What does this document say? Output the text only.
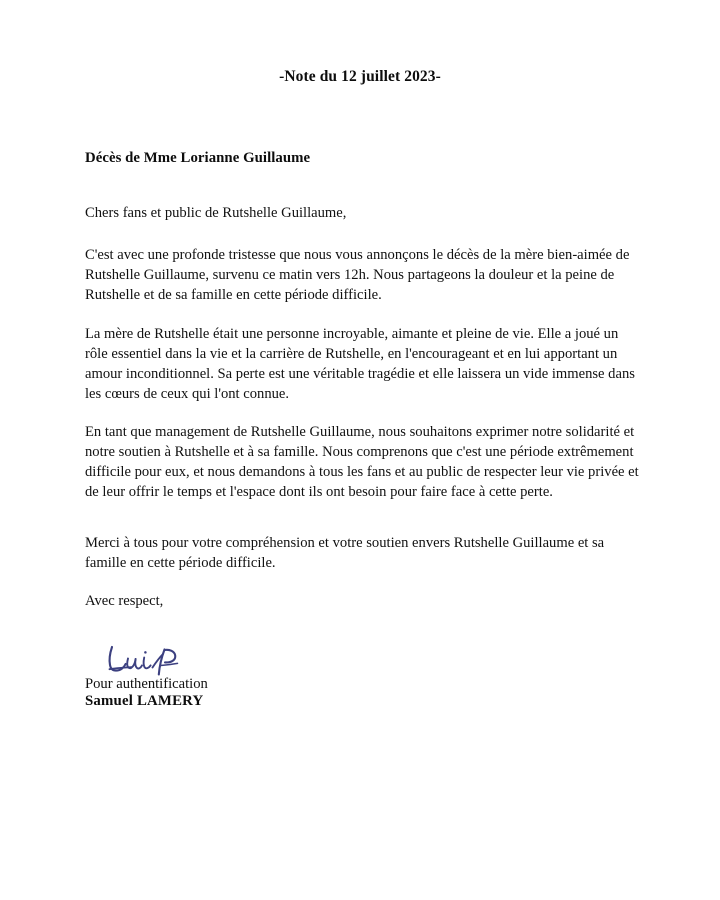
-Note du 12 juillet 2023-
Décès de Mme Lorianne Guillaume

Chers fans et public de Rutshelle Guillaume,

C'est avec une profonde tristesse que nous vous annonçons le décès de la mère bien-aimée de Rutshelle Guillaume, survenu ce matin vers 12h. Nous partageons la douleur et la peine de Rutshelle et de sa famille en cette période difficile.

La mère de Rutshelle était une personne incroyable, aimante et pleine de vie. Elle a joué un rôle essentiel dans la vie et la carrière de Rutshelle, en l'encourageant et en lui apportant un amour inconditionnel. Sa perte est une véritable tragédie et elle laissera un vide immense dans les cœurs de ceux qui l'ont connue.

En tant que management de Rutshelle Guillaume, nous souhaitons exprimer notre solidarité et notre soutien à Rutshelle et à sa famille. Nous comprenons que c'est une période extrêmement difficile pour eux, et nous demandons à tous les fans et au public de respecter leur vie privée et de leur offrir le temps et l'espace dont ils ont besoin pour faire face à cette perte.

Merci à tous pour votre compréhension et votre soutien envers Rutshelle Guillaume et sa famille en cette période difficile.

Avec respect,

Pour authentification
Samuel LAMERY
